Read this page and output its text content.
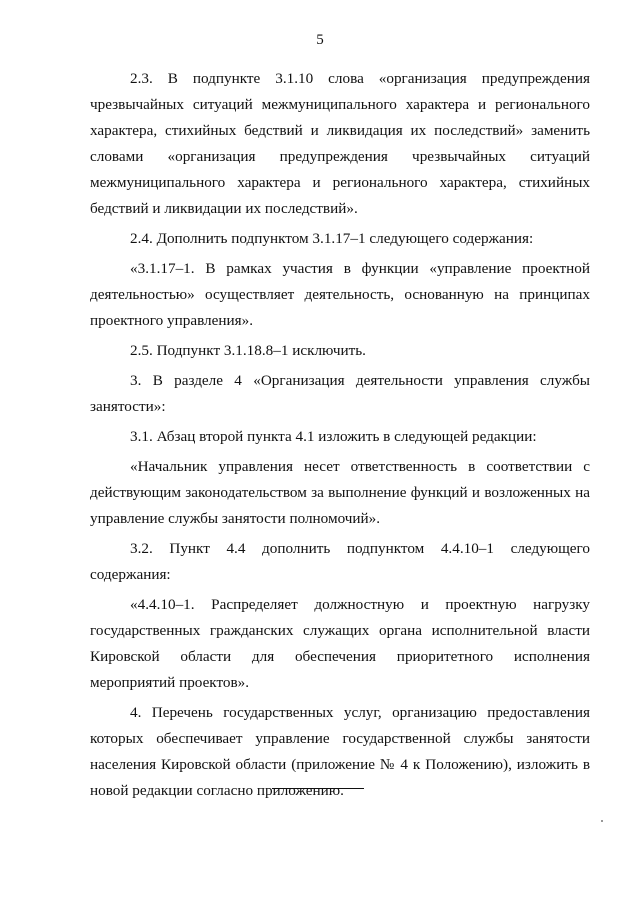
5

2.3. В подпункте 3.1.10 слова «организация предупреждения чрезвычайных ситуаций межмуниципального характера и регионального характера, стихийных бедствий и ликвидация их последствий» заменить словами «организация предупреждения чрезвычайных ситуаций межмуниципального характера и регионального характера, стихийных бедствий и ликвидации их последствий».

2.4. Дополнить подпунктом 3.1.17–1 следующего содержания:

«3.1.17–1. В рамках участия в функции «управление проектной деятельностью» осуществляет деятельность, основанную на принципах проектного управления».

2.5. Подпункт 3.1.18.8–1 исключить.

3. В разделе 4 «Организация деятельности управления службы занятости»:

3.1. Абзац второй пункта 4.1 изложить в следующей редакции:

«Начальник управления несет ответственность в соответствии с действующим законодательством за выполнение функций и возложенных на управление службы занятости полномочий».

3.2. Пункт 4.4 дополнить подпунктом 4.4.10–1 следующего содержания:

«4.4.10–1. Распределяет должностную и проектную нагрузку государственных гражданских служащих органа исполнительной власти Кировской области для обеспечения приоритетного исполнения мероприятий проектов».

4. Перечень государственных услуг, организацию предоставления которых обеспечивает управление государственной службы занятости населения Кировской области (приложение № 4 к Положению), изложить в новой редакции согласно приложению.
